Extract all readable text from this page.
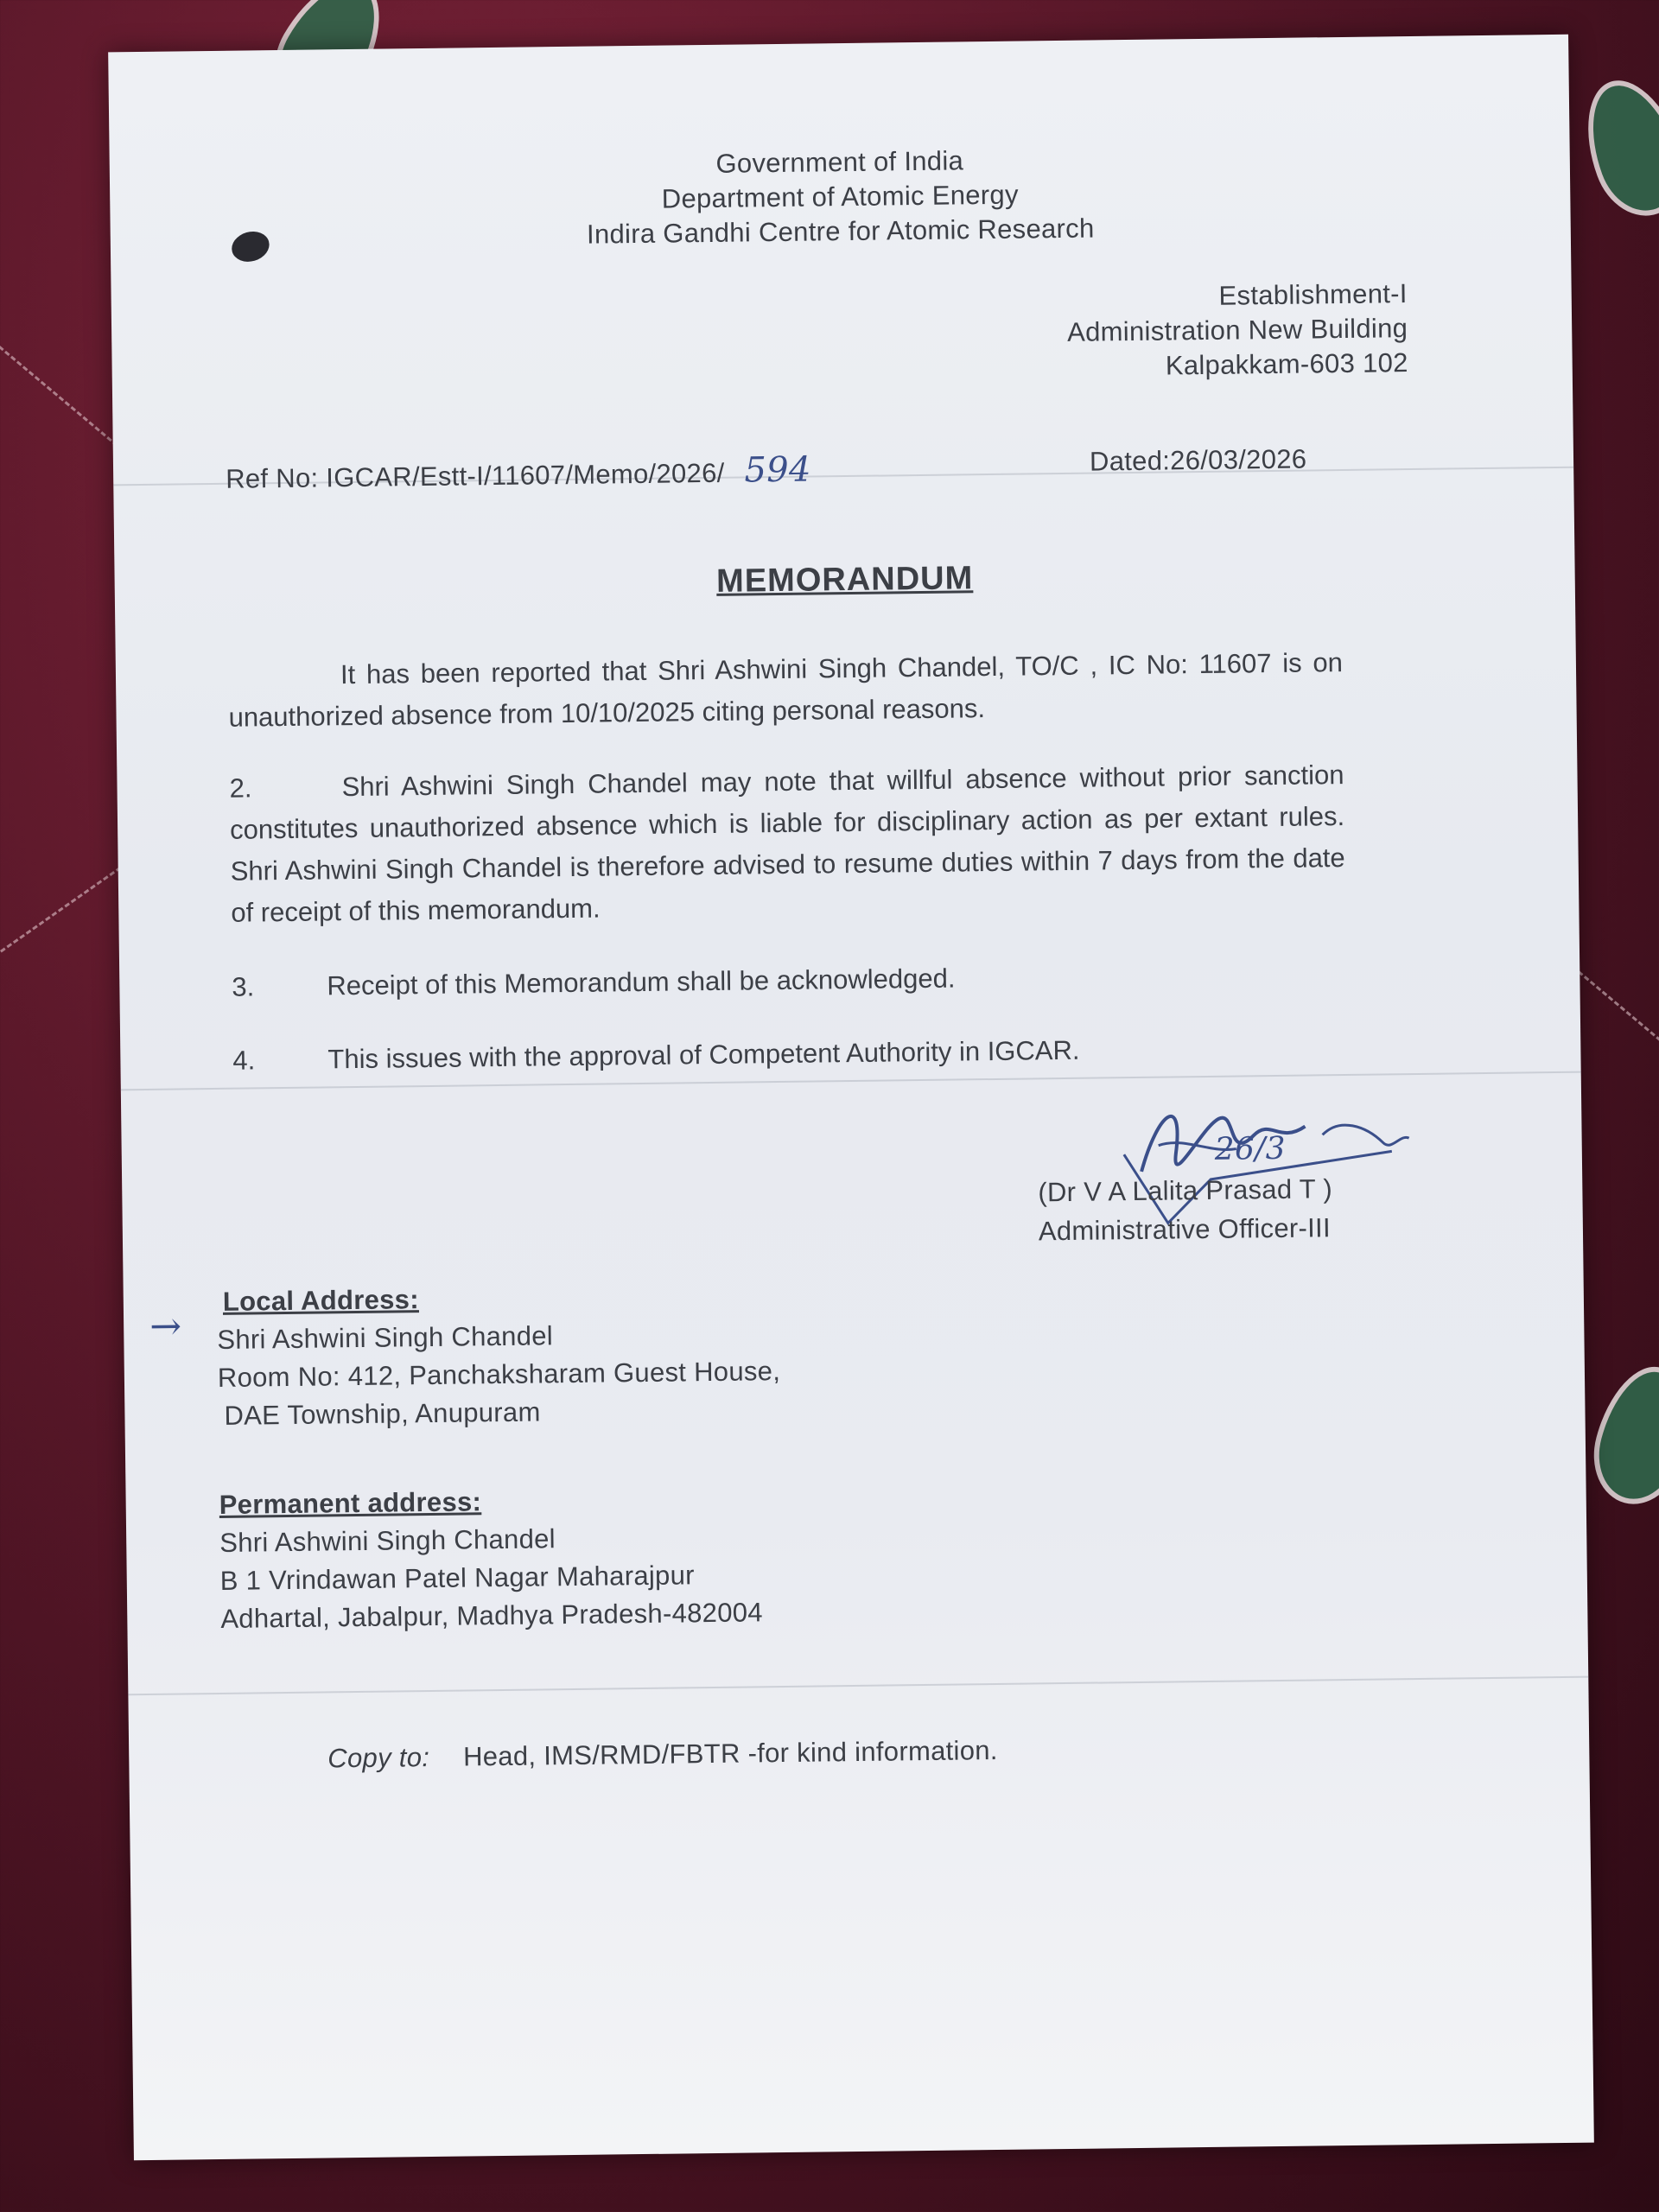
Government of India
Department of Atomic Energy
Indira Gandhi Centre for Atomic Research
Establishment-I
Administration New Building
Kalpakkam-603 102
Ref No: IGCAR/Estt-I/11607/Memo/2026/ 594	Dated:26/03/2026
MEMORANDUM
It has been reported that Shri Ashwini Singh Chandel, TO/C , IC No: 11607 is on unauthorized absence from 10/10/2025 citing personal reasons.
2.	Shri Ashwini Singh Chandel may note that willful absence without prior sanction constitutes unauthorized absence which is liable for disciplinary action as per extant rules. Shri Ashwini Singh Chandel is therefore advised to resume duties within 7 days from the date of receipt of this memorandum.
3.	Receipt of this Memorandum shall be acknowledged.
4.	This issues with the approval of Competent Authority in IGCAR.
26/3
(Dr V A Lalita Prasad T )
Administrative Officer-III
→
Local Address:
Shri Ashwini Singh Chandel
Room No: 412, Panchaksharam Guest House,
DAE Township, Anupuram
Permanent address:
Shri Ashwini Singh Chandel
B 1 Vrindawan Patel Nagar Maharajpur
Adhartal, Jabalpur, Madhya Pradesh-482004
Copy to: Head, IMS/RMD/FBTR -for kind information.
